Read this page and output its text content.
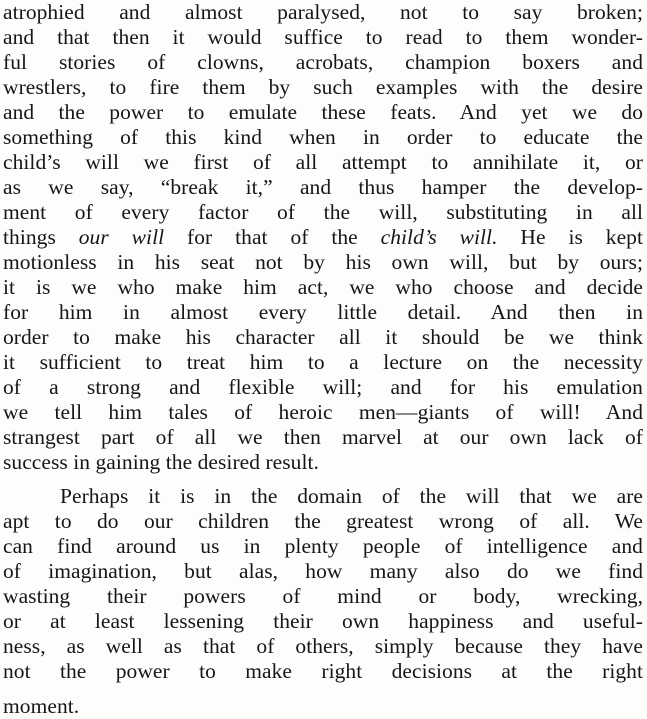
atrophied and almost paralysed, not to say broken;
and that then it would suffice to read to them wonder-
ful stories of clowns, acrobats, champion boxers and
wrestlers, to fire them by such examples with the desire
and the power to emulate these feats. And yet we do
something of this kind when in order to educate the
child’s will we first of all attempt to annihilate it, or
as we say, “break it,” and thus hamper the develop-
ment of every factor of the will, substituting in all
things our will for that of the child’s will. He is kept
motionless in his seat not by his own will, but by ours;
it is we who make him act, we who choose and decide
for him in almost every little detail. And then in
order to make his character all it should be we think
it sufficient to treat him to a lecture on the necessity
of a strong and flexible will; and for his emulation
we tell him tales of heroic men—giants of will! And
strangest part of all we then marvel at our own lack of
success in gaining the desired result.
Perhaps it is in the domain of the will that we are
apt to do our children the greatest wrong of all. We
can find around us in plenty people of intelligence and
of imagination, but alas, how many also do we find
wasting their powers of mind or body, wrecking,
or at least lessening their own happiness and useful-
ness, as well as that of others, simply because they have
not the power to make right decisions at the right
moment.
